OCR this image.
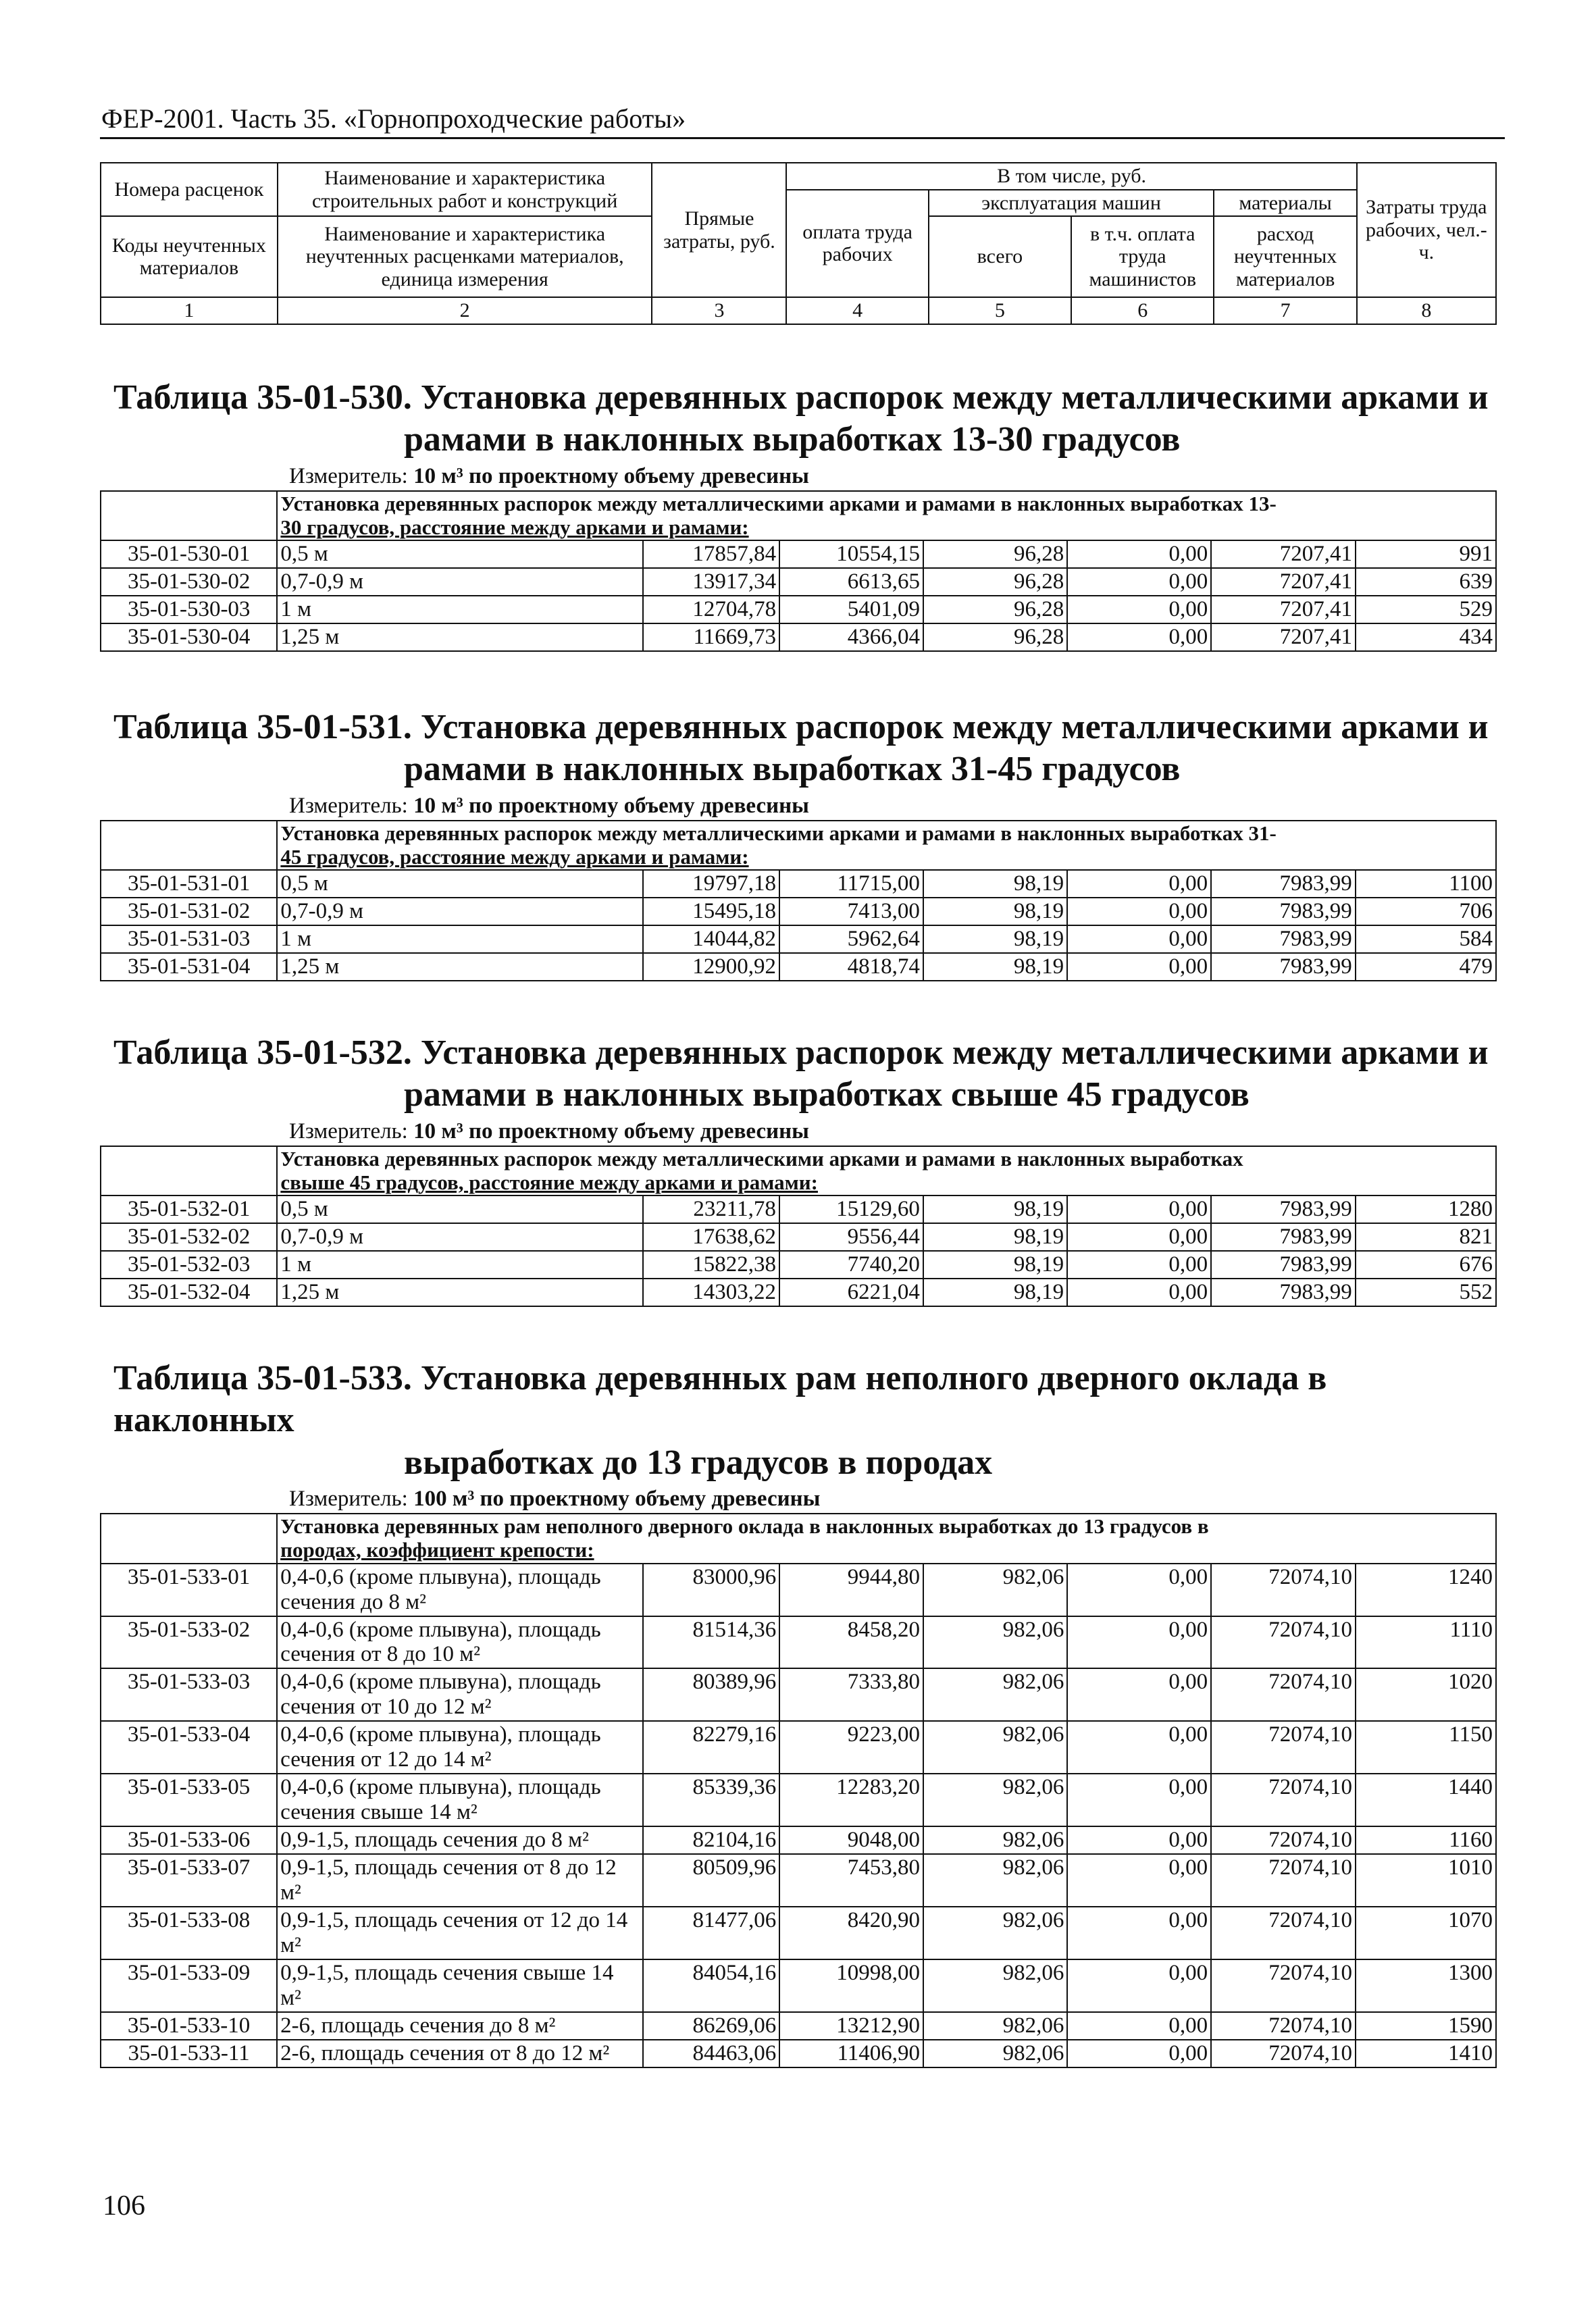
ФЕР-2001. Часть 35. «Горнопроходческие работы»
Номера расценок	Наименование и характеристика строительных работ и конструкций	Прямые затраты, руб.	В том числе, руб.				Затраты труда рабочих, чел.-ч.
			оплата труда рабочих	эксплуатация машин		материалы	
Коды неучтенных материалов	Наименование и характеристика неучтенных расценками материалов, единица измерения			всего	в т.ч. оплата труда машинистов	расход неучтенных материалов	

1	2	3	4	5	6	7	8

Таблица 35-01-530. Установка деревянных распорок между металлическими арками и
рамами в наклонных выработках 13-30 градусов

Измеритель: 10 м³ по проектному объему древесины
	Установка деревянных распорок между металлическими арками и рамами в наклонных выработках 13-
30 градусов, расстояние между арками и рамами:						
35-01-530-01	0,5 м	17857,84	10554,15	96,28	0,00	7207,41	991
35-01-530-02	0,7-0,9 м	13917,34	6613,65	96,28	0,00	7207,41	639
35-01-530-03	1 м	12704,78	5401,09	96,28	0,00	7207,41	529
35-01-530-04	1,25 м	11669,73	4366,04	96,28	0,00	7207,41	434

Таблица 35-01-531. Установка деревянных распорок между металлическими арками и
рамами в наклонных выработках 31-45 градусов

Измеритель: 10 м³ по проектному объему древесины
	Установка деревянных распорок между металлическими арками и рамами в наклонных выработках 31-
45 градусов, расстояние между арками и рамами:						
35-01-531-01	0,5 м	19797,18	11715,00	98,19	0,00	7983,99	1100
35-01-531-02	0,7-0,9 м	15495,18	7413,00	98,19	0,00	7983,99	706
35-01-531-03	1 м	14044,82	5962,64	98,19	0,00	7983,99	584
35-01-531-04	1,25 м	12900,92	4818,74	98,19	0,00	7983,99	479

Таблица 35-01-532. Установка деревянных распорок между металлическими арками и
рамами в наклонных выработках свыше 45 градусов

Измеритель: 10 м³ по проектному объему древесины
	Установка деревянных распорок между металлическими арками и рамами в наклонных выработках
свыше 45 градусов, расстояние между арками и рамами:						
35-01-532-01	0,5 м	23211,78	15129,60	98,19	0,00	7983,99	1280
35-01-532-02	0,7-0,9 м	17638,62	9556,44	98,19	0,00	7983,99	821
35-01-532-03	1 м	15822,38	7740,20	98,19	0,00	7983,99	676
35-01-532-04	1,25 м	14303,22	6221,04	98,19	0,00	7983,99	552

Таблица 35-01-533. Установка деревянных рам неполного дверного оклада в наклонных
выработках до 13 градусов в породах

Измеритель: 100 м³ по проектному объему древесины
	Установка деревянных рам неполного дверного оклада в наклонных выработках до 13 градусов в
породах, коэффициент крепости:						
35-01-533-01	0,4-0,6 (кроме плывуна), площадь сечения до 8 м²	83000,96	9944,80	982,06	0,00	72074,10	1240
35-01-533-02	0,4-0,6 (кроме плывуна), площадь сечения от 8 до 10 м²	81514,36	8458,20	982,06	0,00	72074,10	1110
35-01-533-03	0,4-0,6 (кроме плывуна), площадь сечения от 10 до 12 м²	80389,96	7333,80	982,06	0,00	72074,10	1020
35-01-533-04	0,4-0,6 (кроме плывуна), площадь сечения от 12 до 14 м²	82279,16	9223,00	982,06	0,00	72074,10	1150
35-01-533-05	0,4-0,6 (кроме плывуна), площадь сечения свыше 14 м²	85339,36	12283,20	982,06	0,00	72074,10	1440
35-01-533-06	0,9-1,5, площадь сечения до 8 м²	82104,16	9048,00	982,06	0,00	72074,10	1160
35-01-533-07	0,9-1,5, площадь сечения от 8 до 12 м²	80509,96	7453,80	982,06	0,00	72074,10	1010
35-01-533-08	0,9-1,5, площадь сечения от 12 до 14 м²	81477,06	8420,90	982,06	0,00	72074,10	1070
35-01-533-09	0,9-1,5, площадь сечения свыше 14 м²	84054,16	10998,00	982,06	0,00	72074,10	1300
35-01-533-10	2-6, площадь сечения до 8 м²	86269,06	13212,90	982,06	0,00	72074,10	1590
35-01-533-11	2-6, площадь сечения от 8 до 12 м²	84463,06	11406,90	982,06	0,00	72074,10	1410
106
